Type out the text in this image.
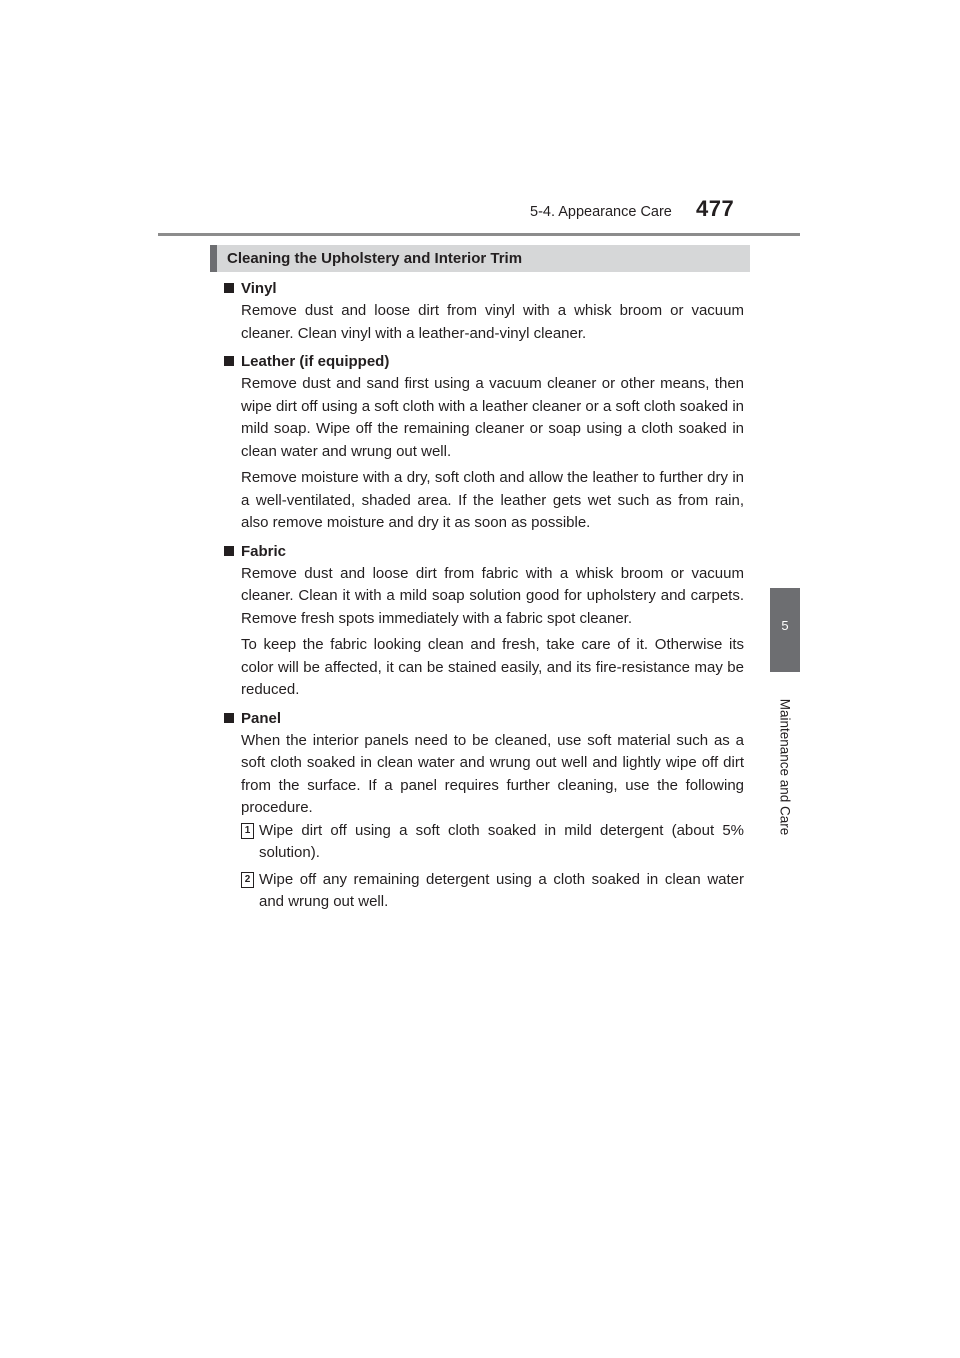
5-4. Appearance Care 477
5
Maintenance and Care
Cleaning the Upholstery and Interior Trim
Vinyl

Remove dust and loose dirt from vinyl with a whisk broom or vacuum cleaner. Clean vinyl with a leather-and-vinyl cleaner.

Leather (if equipped)

Remove dust and sand first using a vacuum cleaner or other means, then wipe dirt off using a soft cloth with a leather cleaner or a soft cloth soaked in mild soap. Wipe off the remaining cleaner or soap using a cloth soaked in clean water and wrung out well.

Remove moisture with a dry, soft cloth and allow the leather to further dry in a well-ventilated, shaded area. If the leather gets wet such as from rain, also remove moisture and dry it as soon as possible.

Fabric

Remove dust and loose dirt from fabric with a whisk broom or vacuum cleaner. Clean it with a mild soap solution good for upholstery and carpets. Remove fresh spots immediately with a fabric spot cleaner.

To keep the fabric looking clean and fresh, take care of it. Otherwise its color will be affected, it can be stained easily, and its fire-resistance may be reduced.

Panel

When the interior panels need to be cleaned, use soft material such as a soft cloth soaked in clean water and wrung out well and lightly wipe off dirt from the surface. If a panel requires further cleaning, use the following procedure.

1 Wipe dirt off using a soft cloth soaked in mild detergent (about 5% solution).

2 Wipe off any remaining detergent using a cloth soaked in clean water and wrung out well.
